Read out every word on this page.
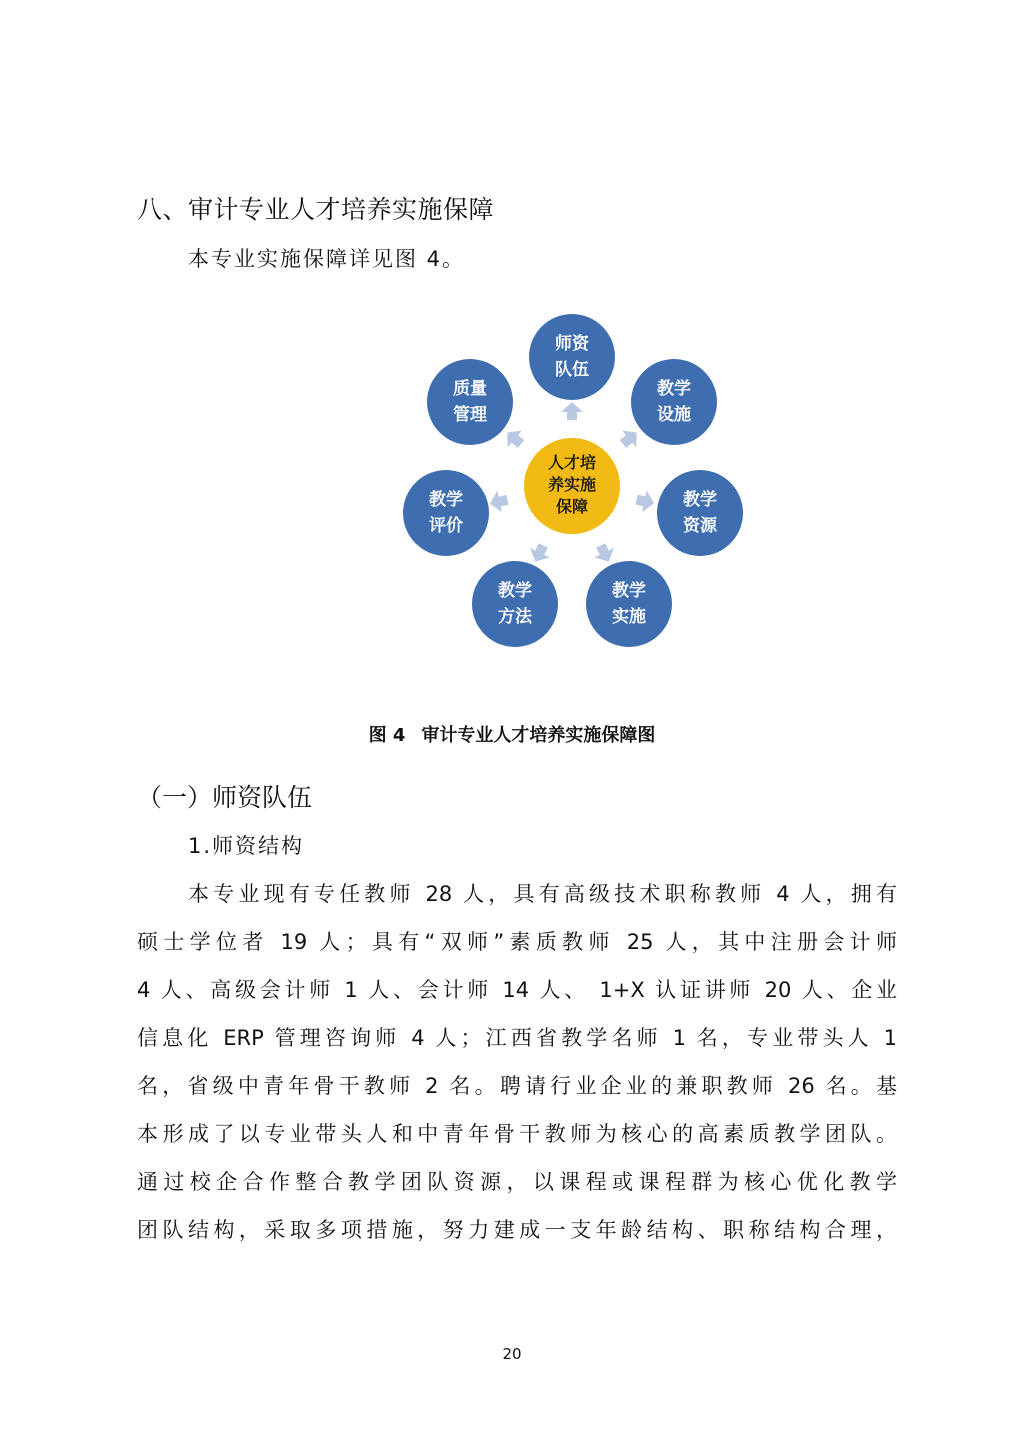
八、审计专业人才培养实施保障
本专业实施保障详见图 4。
师资
队伍
教学
设施
教学
资源
教学
实施
教学
方法
教学
评价
质量
管理
人才培
养实施
保障
图 4 审计专业人才培养实施保障图
（一）师资队伍
1.师资结构
本专业现有专任教师 28 人，具有高级技术职称教师 4 人，拥有
硕士学位者 19 人；具有“双师”素质教师 25 人，其中注册会计师
4 人、高级会计师 1 人、会计师 14 人、 1+X 认证讲师 20 人、企业
信息化 ERP 管理咨询师 4 人；江西省教学名师 1 名，专业带头人 1
名，省级中青年骨干教师 2 名。聘请行业企业的兼职教师 26 名。基
本形成了以专业带头人和中青年骨干教师为核心的高素质教学团队。
通过校企合作整合教学团队资源，以课程或课程群为核心优化教学
团队结构，采取多项措施，努力建成一支年龄结构、职称结构合理，
20
